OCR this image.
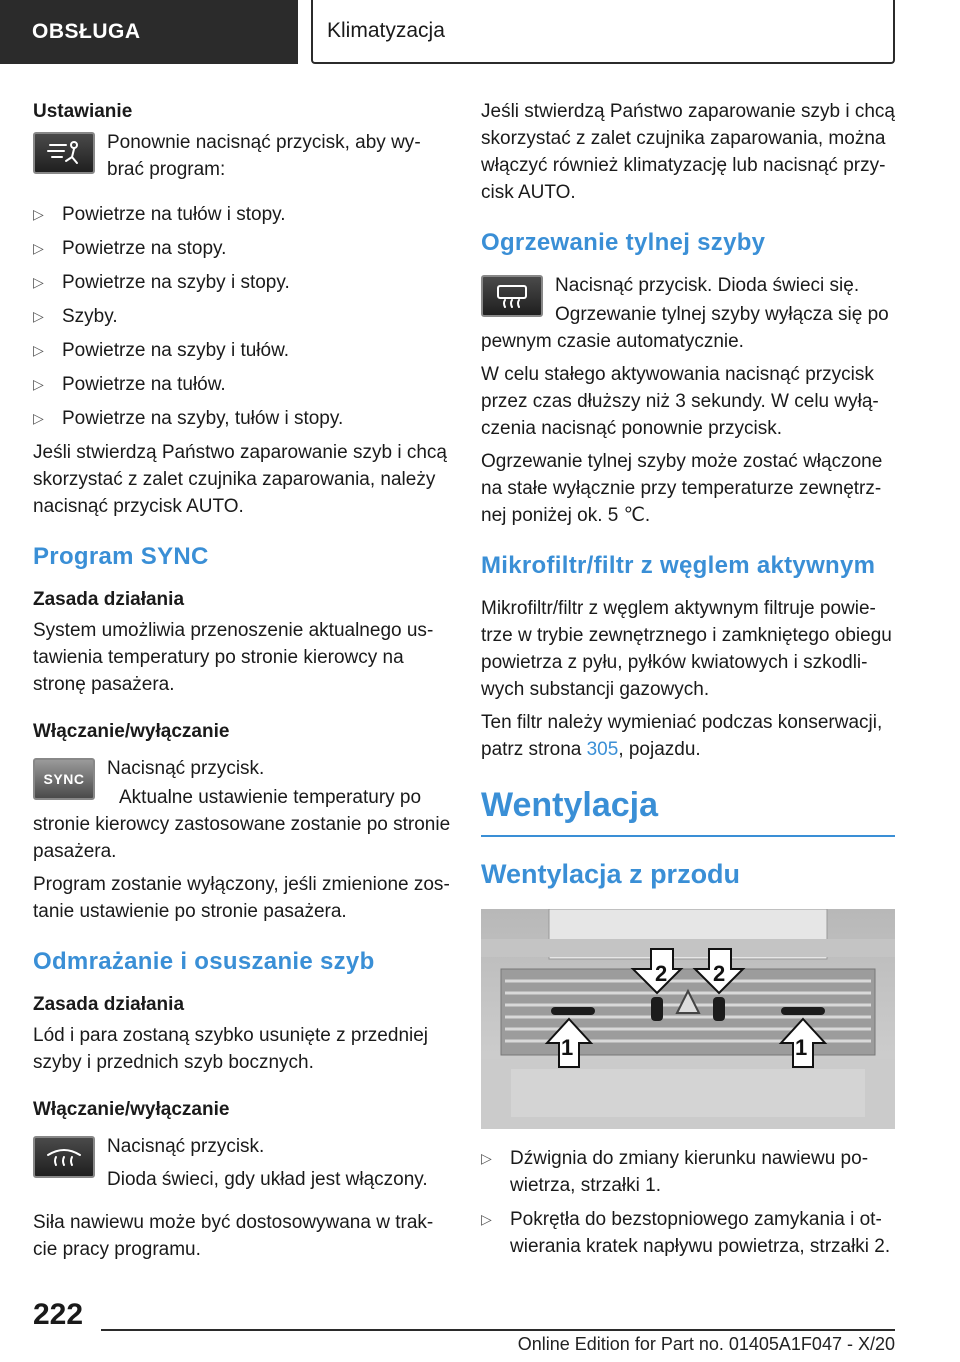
OBSŁUGA	Klimatyzacja
Ustawianie

Ponownie nacisnąć przycisk, aby wybrać program:

▷ Powietrze na tułów i stopy.
▷ Powietrze na stopy.
▷ Powietrze na szyby i stopy.
▷ Szyby.
▷ Powietrze na szyby i tułów.
▷ Powietrze na tułów.
▷ Powietrze na szyby, tułów i stopy.

Jeśli stwierdzą Państwo zaparowanie szyb i chcą skorzystać z zalet czujnika zaparowania, należy nacisnąć przycisk AUTO.

Program SYNC
Zasada działania

System umożliwia przenoszenie aktualnego ustawienia temperatury po stronie kierowcy na stronę pasażera.

Włączanie/wyłączanie
SYNC Nacisnąć przycisk.

Aktualne ustawienie temperatury po stronie kierowcy zastosowane zostanie po stronie pasażera.

Program zostanie wyłączony, jeśli zmienione zostanie ustawienie po stronie pasażera.

Odmrażanie i osuszanie szyb
Zasada działania

Lód i para zostaną szybko usunięte z przedniej szyby i przednich szyb bocznych.

Włączanie/wyłączanie

Nacisnąć przycisk.

Dioda świeci, gdy układ jest włączony.

Siła nawiewu może być dostosowywana w trakcie pracy programu.

Jeśli stwierdzą Państwo zaparowanie szyb i chcą skorzystać z zalet czujnika zaparowania, można włączyć również klimatyzację lub nacisnąć przycisk AUTO.

Ogrzewanie tylnej szyby

Nacisnąć przycisk. Dioda świeci się.

Ogrzewanie tylnej szyby wyłącza się po pewnym czasie automatycznie.

W celu stałego aktywowania nacisnąć przycisk przez czas dłuższy niż 3 sekundy. W celu wyłączenia nacisnąć ponownie przycisk.

Ogrzewanie tylnej szyby może zostać włączone na stałe wyłącznie przy temperaturze zewnętrznej poniżej ok. 5 ℃.

Mikrofiltr/filtr z węglem aktywnym

Mikrofiltr/filtr z węglem aktywnym filtruje powietrze w trybie zewnętrznego i zamkniętego obiegu powietrza z pyłu, pyłków kwiatowych i szkodliwych substancji gazowych.

Ten filtr należy wymieniać podczas konserwacji, patrz strona 305, pojazdu.

Wentylacja
Wentylacja z przodu
1	1
2 2
▷ Dźwignia do zmiany kierunku nawiewu powietrza, strzałki 1.
▷ Pokrętła do bezstopniowego zamykania i otwierania kratek napływu powietrza, strzałki 2.
222
Online Edition for Part no. 01405A1F047 - X/20
